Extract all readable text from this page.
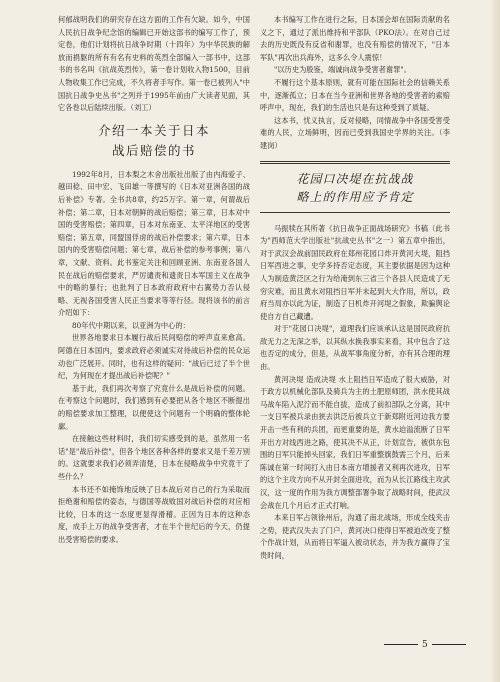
何郁战明我们的研究存在这方面的工作有欠缺。如今，中国人民抗日战争纪念馆的编辑已开始这部书的编写工作了，预定卷，他们计划将抗日战争时期（十四年）为中华民族的解放而捐躯的所有有名有史料的英烈全部编入一部书中，这部书的书名叫《抗战英烈传》，第一卷计划收入物1500，目前人物收集工作已完成，不久将者手写作。第一卷已被列入"中国抗日战争史丛书"之列并于1995年前由广大读者见面，其它各卷以后陆续出版。（刘工）

介绍一本关于日本
战后赔偿的书

1992年8月，日本梨之木舍出版社出版了由内海爱子、越田稔、田中宏、飞田雄一等撰写的《日本对亚洲各国的战后补偿》专著。全书共8章，约25万字。第一章，何谓战后补偿；第二章，日本对朝鲜的战后赔偿；第三章，日本对中国的受害赔偿；第四章，日本对东南亚、太平洋地区的受害赔偿；第五章，同盟国俘虏的战后补偿要求；第六章，日本国内的受害赔偿问题；第七章，战后补偿的参考事例；第八章，文献、资料。此书鉴定关注和回顾亚洲、东南亚各国人民在战后的赔偿要求，严厉谴责和遗责日本军国主义在战争中的略的暴行；也批判了日本政府政府中右翼势力否认侵略、无视各国受害人民正当要求等等行径。现将该书的前言介绍如下：

80年代中期以来，以亚洲为中心的：

世界各地要求日本履行战后民间赔偿的呼声直来愈高。阿德在日本国内，要求政府必须诚实对待战后补偿的民众运动也广泛展开。同时，也有这样的疑问："战后已过了半个世纪，为何现在才提出战后补偿呢？"

基于此，我们再次考察了究竟什么是战后补偿的问题。在考察这个问题时，我们感到有必要把从各个地区不断提出的赔偿要求加工整理，以便使这个问题有一个明确的整体轮廓。

在接触这些材料时，我们切实感受到的是，虽然用一名话"是"战后补偿"，但各个地区各种各样的要求又是千差万别的。这就要求我们必须弄清楚，日本在侵略战争中究竟干了些什么？

本书还不如掩饰地反映了日本战后对自己的行为采取而拒绝谢和赔偿的姿态，与德国等战败国对战后补偿的对应相比较，日本的这一态度更显得滑稽。正因为日本的这种态度，成手上万的战争受害者，才在半个世纪后的今天，仍提出受害赔偿的要求。

本书编写工作在进行之际，日本国会却在国际贡献的名义之下，通过了派出维持和平部队（PKO法）。在对自己过去的历史既没有反省和谢罪，也没有赔偿的情况下，"日本军队"再次出兵海外，这多么令人震惊！

"以历史为殷鉴，端诚向战争受害者谢罪"。

不履行这个基本原则，就有可能在国际社会的信赖关系中，逐渐孤立；日本在当今亚洲和世界各地的受害者的索赔呼声中，现在，我们的生活也只是有这种受到了质疑。

这本书，忧义执言，反对侵略，同情战争中各国受害受难的人民，立场鲜明，因而已受到我国史学界的关注。（李建岗）

花园口决堤在抗战战
略上的作用应予肯定

马振犊在其所著《抗日战争正面战场研究》书稿（此书为"西师范大学出版社"抗战史丛书"之一）第五章中指出，对于武汉会战前国民政府在郑州花园口炸开黄河大堤，阻挡日军西进之事，史学多持否定态度，其主要依据是因为这种人为制造黄泛区之行为给淹到东三省三个各县人民造成了无穷灾难，而且黄水对阻挡日军并未起到大大作用，所以，政府当局亦以此为证，制造了日机炸开河堤之假象，欺骗舆论使自方自己藏遭。

对于"花园口决堤"，道理我们应该承认这是国民政府抗敌无力之无深之举，以其纵水换我事实来看，其中包含了这也否定的成分，但是，从战军事角度分析，亦有其合理的理由。

黄河决堤 造成决堤 水上阻挡日军造成了很大威胁，对于政方以机械化部队及骑兵为主的土肥原师团，洪水使其战马战车陷入泥泞而不能自拔，造成了前扣部队之分离，其中一支日军被兵录由狭去洪泛后被兵立于新郑附近河边我方要开击一些有利的兵团，而更重要的是，黄水迫溢流断了日军开出方对线西进之路，使其决不从正，计划宣告，被供东包围的日军只能掉头回家，我们日军重整旗鼓需三个月，后来陈诚在第一时间打入由日本南方增援者又利再次进攻，日军的这个主攻方向不从开封全面进攻，而为从长江路线主攻武汉，这一度的作用为我方调整部署争取了战略时间，使武汉会战在几个月后才正式打响。

本来日军占领徐州后，沟通了南北战场，形成全线夹击之势，使武汉失去了门户，黄河决口使得日军被迫改变了整个作战计划，从而将日军逼入被动状态，并为我方赢得了宝贵时间，

5
